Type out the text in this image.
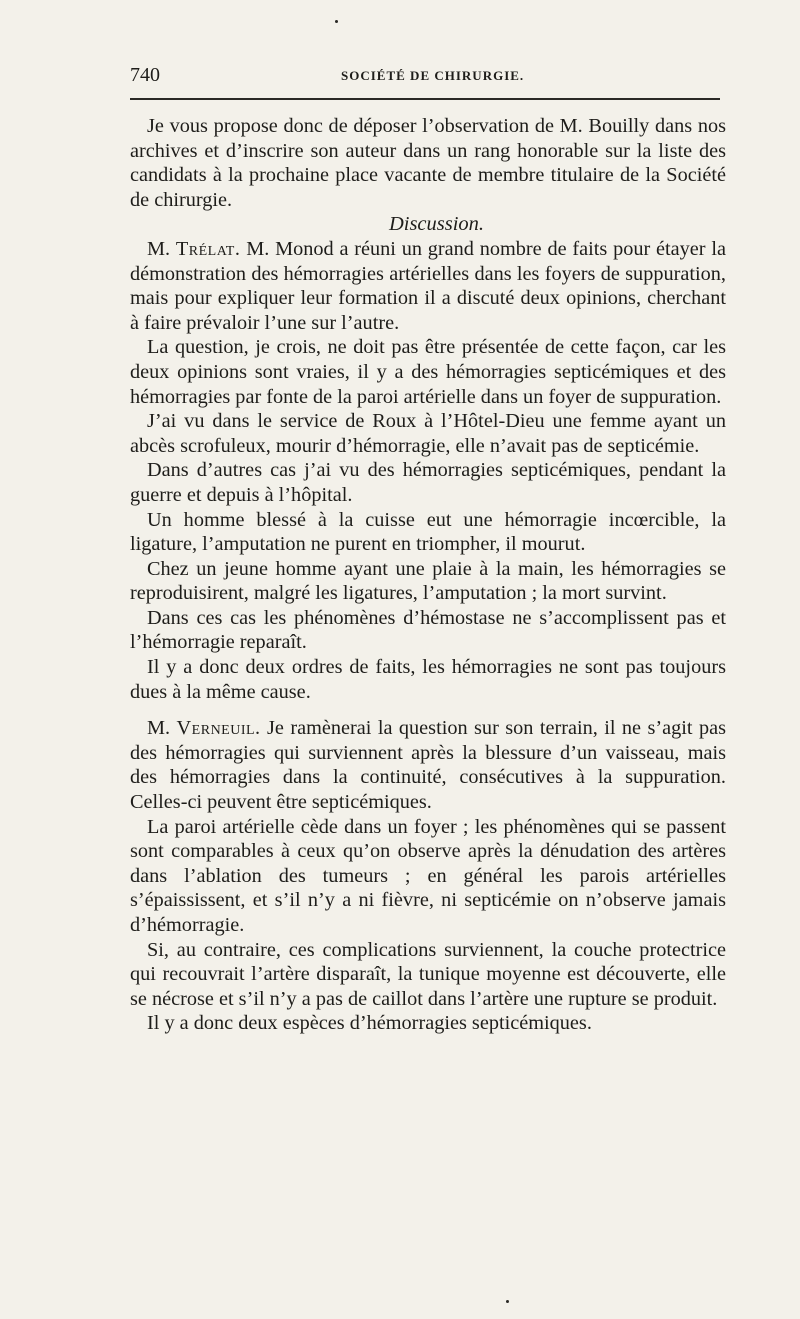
740	SOCIÉTÉ DE CHIRURGIE.

Je vous propose donc de déposer l’observation de M. Bouilly dans nos archives et d’inscrire son auteur dans un rang honorable sur la liste des candidats à la prochaine place vacante de membre titulaire de la Société de chirurgie.

Discussion.

M. Trélat. M. Monod a réuni un grand nombre de faits pour étayer la démonstration des hémorragies artérielles dans les foyers de suppuration, mais pour expliquer leur formation il a discuté deux opinions, cherchant à faire prévaloir l’une sur l’autre.

La question, je crois, ne doit pas être présentée de cette façon, car les deux opinions sont vraies, il y a des hémorragies septicémiques et des hémorragies par fonte de la paroi artérielle dans un foyer de suppuration.

J’ai vu dans le service de Roux à l’Hôtel-Dieu une femme ayant un abcès scrofuleux, mourir d’hémorragie, elle n’avait pas de septicémie.

Dans d’autres cas j’ai vu des hémorragies septicémiques, pendant la guerre et depuis à l’hôpital.

Un homme blessé à la cuisse eut une hémorragie incœrcible, la ligature, l’amputation ne purent en triompher, il mourut.

Chez un jeune homme ayant une plaie à la main, les hémorragies se reproduisirent, malgré les ligatures, l’amputation ; la mort survint.

Dans ces cas les phénomènes d’hémostase ne s’accomplissent pas et l’hémorragie reparaît.

Il y a donc deux ordres de faits, les hémorragies ne sont pas toujours dues à la même cause.

M. Verneuil. Je ramènerai la question sur son terrain, il ne s’agit pas des hémorragies qui surviennent après la blessure d’un vaisseau, mais des hémorragies dans la continuité, consécutives à la suppuration. Celles-ci peuvent être septicémiques.

La paroi artérielle cède dans un foyer ; les phénomènes qui se passent sont comparables à ceux qu’on observe après la dénudation des artères dans l’ablation des tumeurs ; en général les parois artérielles s’épaississent, et s’il n’y a ni fièvre, ni septicémie on n’observe jamais d’hémorragie.

Si, au contraire, ces complications surviennent, la couche protectrice qui recouvrait l’artère disparaît, la tunique moyenne est découverte, elle se nécrose et s’il n’y a pas de caillot dans l’artère une rupture se produit.

Il y a donc deux espèces d’hémorragies septicémiques.
